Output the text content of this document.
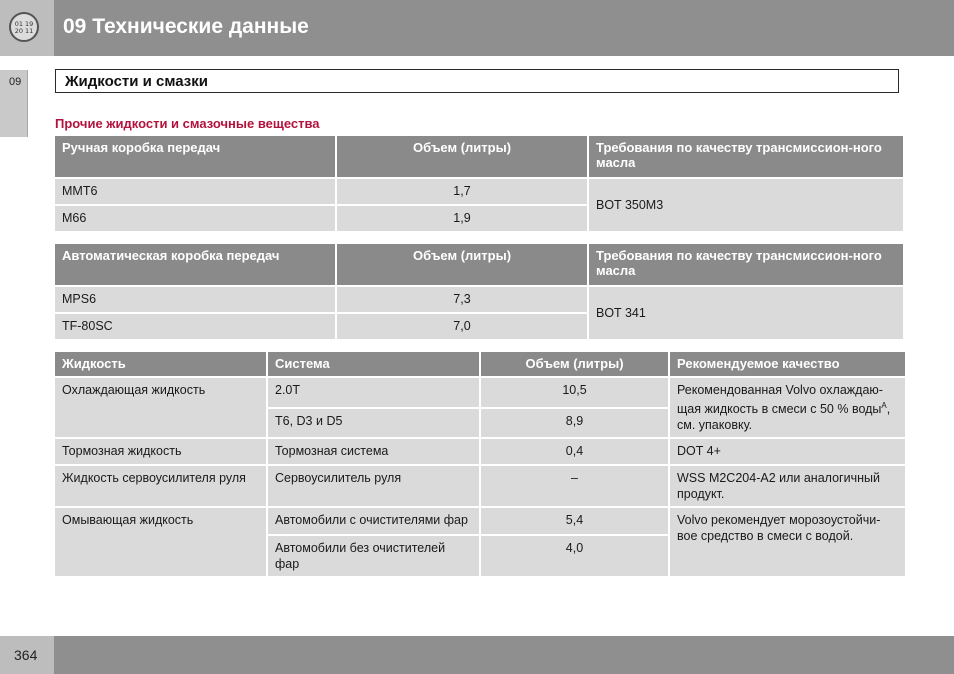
01 19
20 11 09 Технические данные
09	Жидкости и смазки
Прочие жидкости и смазочные вещества
Ручная коробка передач	Объем (литры)	Требования по качеству трансмиссион-ного масла
MMT6	1,7	BOT 350M3
M66	1,9	
Автоматическая коробка передач	Объем (литры)	Требования по качеству трансмиссион-ного масла
MPS6	7,3	BOT 341
TF-80SC	7,0	
Жидкость	Система	Объем (литры)	Рекомендуемое качество
Охлаждающая жидкость	2.0T	10,5	Рекомендованная Volvo охлаждаю-щая жидкость в смеси с 50 % воды$^A$, см. упаковку.
	T6, D3 и D5	8,9	
Тормозная жидкость	Тормозная система	0,4	DOT 4+
Жидкость сервоусилителя руля	Сервоусилитель руля	–	WSS M2C204-A2 или аналогичный продукт.
Омывающая жидкость	Автомобили с очистителями фар	5,4	Volvo рекомендует морозоустойчи-вое средство в смеси с водой.
	Автомобили без очистителей фар	4,0	
364
